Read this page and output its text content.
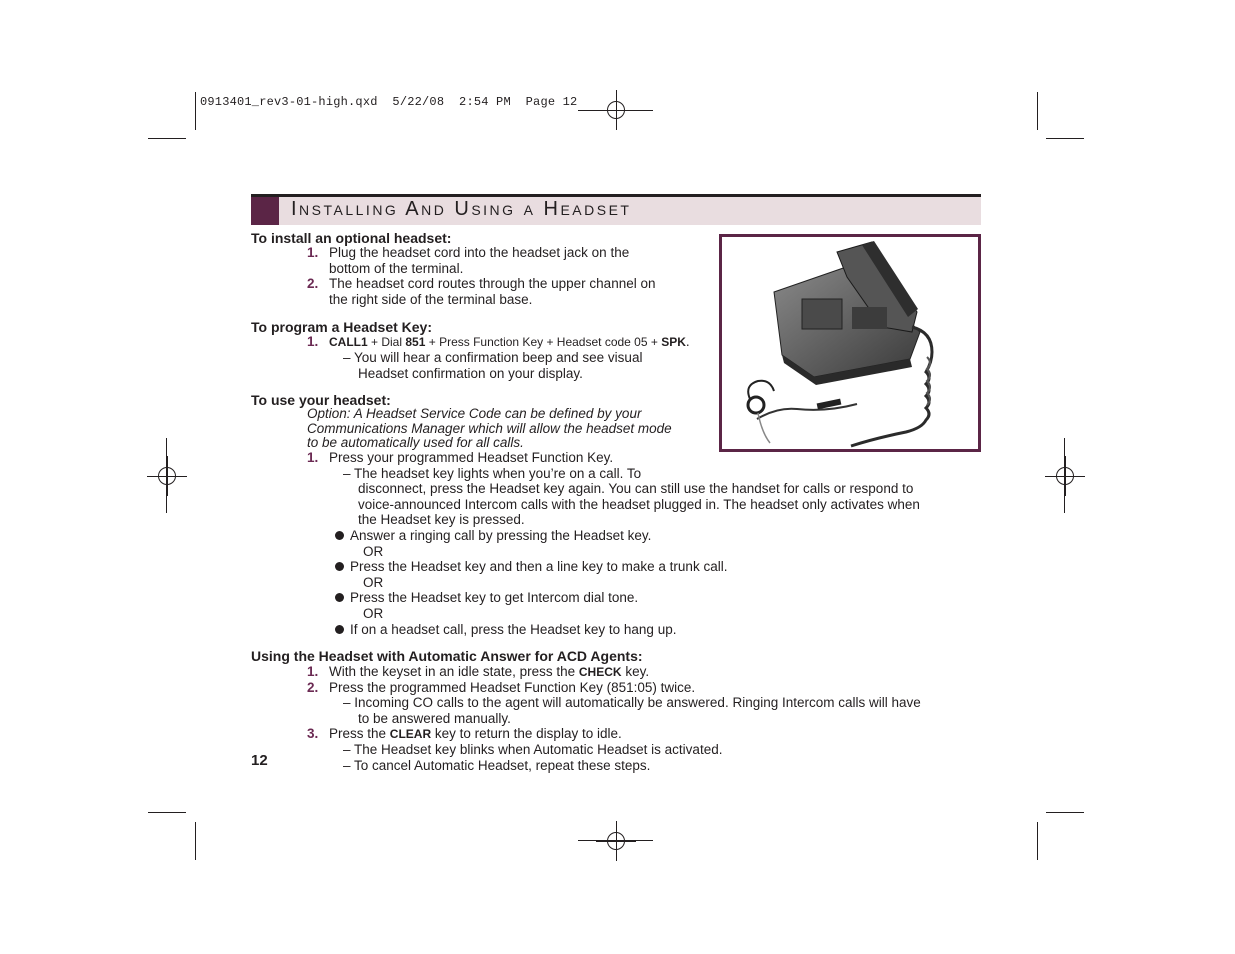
0913401_rev3-01-high.qxd  5/22/08  2:54 PM  Page 12
Installing And Using a Headset
To install an optional headset:
1. Plug the headset cord into the headset jack on the
bottom of the terminal.
2. The headset cord routes through the upper channel on
the right side of the terminal base.
To program a Headset Key:
1. CALL1 + Dial 851 + Press Function Key + Headset code 05 + SPK.
– You will hear a confirmation beep and see visual
Headset confirmation on your display.
To use your headset:
Option: A Headset Service Code can be defined by your
Communications Manager which will allow the headset mode
to be automatically used for all calls.
1. Press your programmed Headset Function Key.
– The headset key lights when you’re on a call. To
disconnect, press the Headset key again. You can still use the handset for calls or respond to
voice-announced Intercom calls with the headset plugged in. The headset only activates when
the Headset key is pressed.
Answer a ringing call by pressing the Headset key.
OR
Press the Headset key and then a line key to make a trunk call.
OR
Press the Headset key to get Intercom dial tone.
OR
If on a headset call, press the Headset key to hang up.
Using the Headset with Automatic Answer for ACD Agents:
1. With the keyset in an idle state, press the CHECK key.
2. Press the programmed Headset Function Key (851:05) twice.
– Incoming CO calls to the agent will automatically be answered. Ringing Intercom calls will have
to be answered manually.
3. Press the CLEAR key to return the display to idle.
– The Headset key blinks when Automatic Headset is activated.
– To cancel Automatic Headset, repeat these steps.
12
